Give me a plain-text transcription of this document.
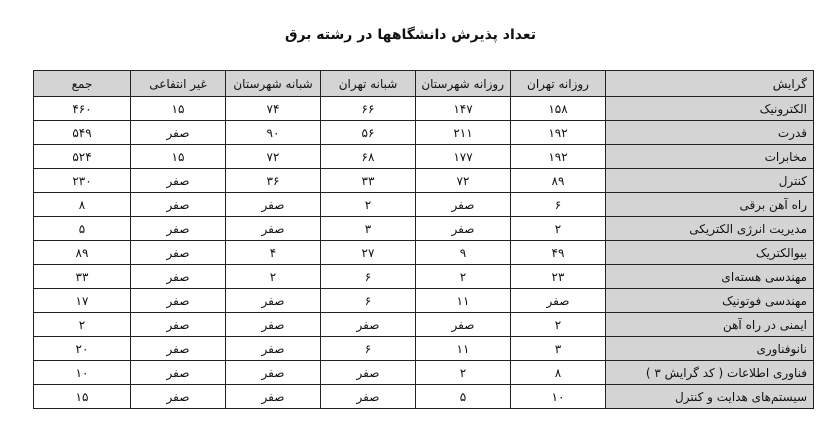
تعداد پذیرش دانشگاهها در رشته برق
گرایش	روزانه تهران	روزانه شهرستان	شبانه تهران	شبانه شهرستان	غیر انتفاعی	جمع
الکترونیک	۱۵۸	۱۴۷	۶۶	۷۴	۱۵	۴۶۰
قدرت	۱۹۲	۲۱۱	۵۶	۹۰	صفر	۵۴۹
مخابرات	۱۹۲	۱۷۷	۶۸	۷۲	۱۵	۵۲۴
کنترل	۸۹	۷۲	۳۳	۳۶	صفر	۲۳۰
راه آهن برقی	۶	صفر	۲	صفر	صفر	۸
مدیریت انرژی الکتریکی	۲	صفر	۳	صفر	صفر	۵
بیوالکتریک	۴۹	۹	۲۷	۴	صفر	۸۹
مهندسی هسته‌ای	۲۳	۲	۶	۲	صفر	۳۳
مهندسی فوتونیک	صفر	۱۱	۶	صفر	صفر	۱۷
ایمنی در راه آهن	۲	صفر	صفر	صفر	صفر	۲
نانوفناوری	۳	۱۱	۶	صفر	صفر	۲۰
فناوری اطلاعات ( کد گرایش ۳ )	۸	۲	صفر	صفر	صفر	۱۰
سیستم‌های هدایت و کنترل	۱۰	۵	صفر	صفر	صفر	۱۵
